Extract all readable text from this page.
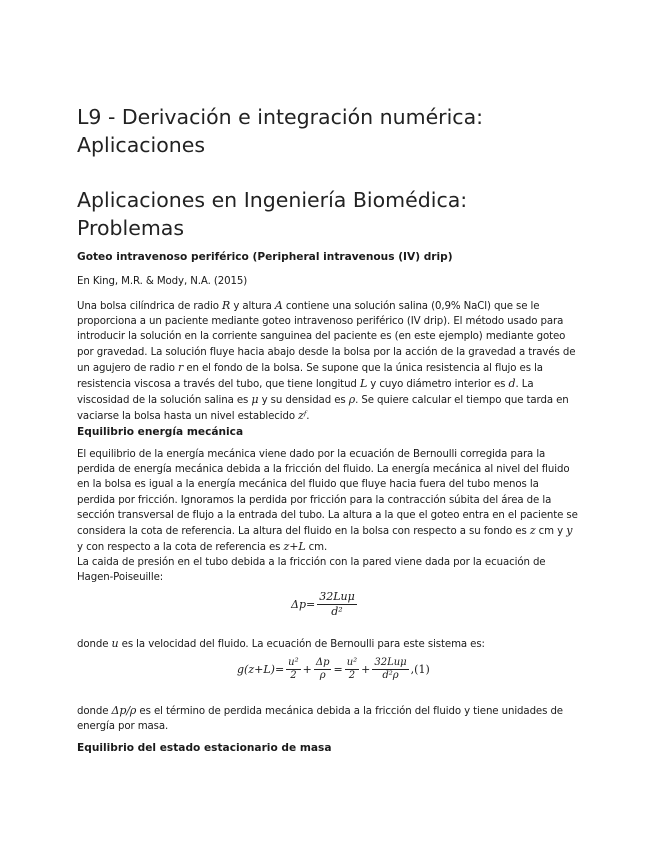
L9 - Derivación e integración numérica: Aplicaciones
Aplicaciones en Ingeniería Biomédica: Problemas
Goteo intravenoso periférico (Peripheral intravenous (IV) drip)

En King, M.R. & Mody, N.A. (2015)

Una bolsa cilíndrica de radio R y altura A contiene una solución salina (0,9% NaCl) que se le proporciona a un paciente mediante goteo intravenoso periférico (IV drip). El método usado para introducir la solución en la corriente sanguinea del paciente es (en este ejemplo) mediante goteo por gravedad. La solución fluye hacia abajo desde la bolsa por la acción de la gravedad a través de un agujero de radio r en el fondo de la bolsa. Se supone que la única resistencia al flujo es la resistencia viscosa a través del tubo, que tiene longitud L y cuyo diámetro interior es d. La viscosidad de la solución salina es μ y su densidad es ρ. Se quiere calcular el tiempo que tarda en vaciarse la bolsa hasta un nivel establecido zᶠ.

Equilibrio energía mecánica

El equilibrio de la energía mecánica viene dado por la ecuación de Bernoulli corregida para la perdida de energía mecánica debida a la fricción del fluido. La energía mecánica al nivel del fluido en la bolsa es igual a la energía mecánica del fluido que fluye hacia fuera del tubo menos la perdida por fricción. Ignoramos la perdida por fricción para la contracción súbita del área de la sección transversal de flujo a la entrada del tubo. La altura a la que el goteo entra en el paciente se considera la cota de referencia. La altura del fluido en la bolsa con respecto a su fondo es z cm y y y con respecto a la cota de referencia es z+L cm.

La caida de presión en el tubo debida a la fricción con la pared viene dada por la ecuación de Hagen-Poiseuille:

$\Delta p= \frac{\text{32Luμ}}{\text{d²}}$

donde u es la velocidad del fluido. La ecuación de Bernoulli para este sistema es:

$g(z+L)= \frac{\text{u²}}{2} + \frac{\Delta p}{\rho} = \frac{\text{u²}}{2} + \frac{\text{32Luμ}}{\text{d²ρ}} ,(1)$

donde Δp/ρ es el término de perdida mecánica debida a la fricción del fluido y tiene unidades de energía por masa.

Equilibrio del estado estacionario de masa
